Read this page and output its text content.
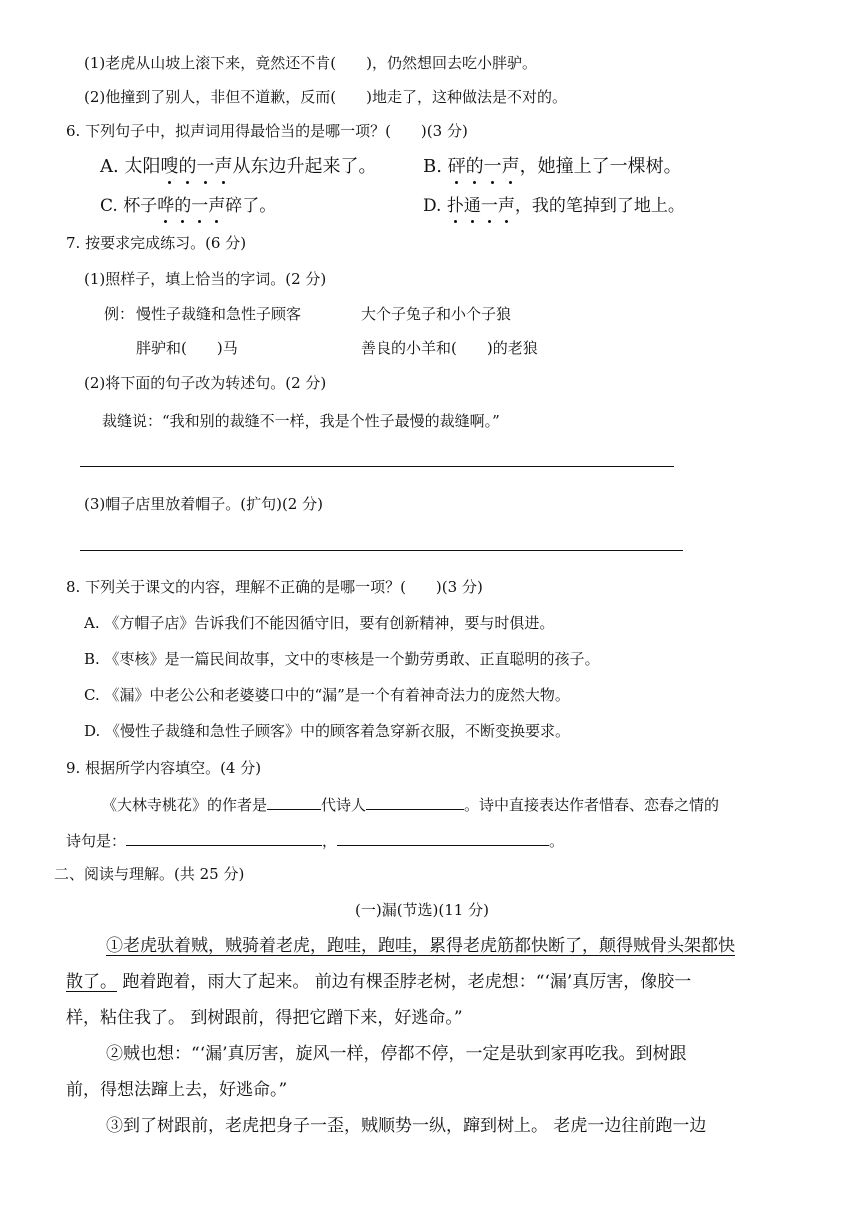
(1)老虎从山坡上滚下来，竟然还不肯(　　)，仍然想回去吃小胖驴。
(2)他撞到了别人，非但不道歉，反而(　　)地走了，这种做法是不对的。
6. 下列句子中，拟声词用得最恰当的是哪一项？(　　)(3 分)
A. 太阳嗖的一声从东边升起来了。	B. 砰的一声，她撞上了一棵树。
C. 杯子哗的一声碎了。	D. 扑通一声，我的笔掉到了地上。
7. 按要求完成练习。(6 分)
(1)照样子，填上恰当的字词。(2 分)
例： 慢性子裁缝和急性子顾客	大个子兔子和小个子狼
胖驴和(　　)马	善良的小羊和(　　)的老狼
(2)将下面的句子改为转述句。(2 分)
裁缝说：“我和别的裁缝不一样，我是个性子最慢的裁缝啊。”
(3)帽子店里放着帽子。(扩句)(2 分)
8. 下列关于课文的内容，理解不正确的是哪一项？(　　)(3 分)
A. 《方帽子店》告诉我们不能因循守旧，要有创新精神，要与时俱进。
B. 《枣核》是一篇民间故事，文中的枣核是一个勤劳勇敢、正直聪明的孩子。
C. 《漏》中老公公和老婆婆口中的“漏”是一个有着神奇法力的庞然大物。
D. 《慢性子裁缝和急性子顾客》中的顾客着急穿新衣服，不断变换要求。
9. 根据所学内容填空。(4 分)
《大林寺桃花》的作者是	代诗人	。诗中直接表达作者惜春、恋春之情的
诗句是：	，	。
二、阅读与理解。(共 25 分)
(一)漏(节选)(11 分)
①老虎驮着贼，贼骑着老虎，跑哇，跑哇，累得老虎筋都快断了，颠得贼骨头架都快
散了。 跑着跑着，雨大了起来。 前边有棵歪脖老树，老虎想：“‘漏’真厉害，像胶一
样，粘住我了。 到树跟前，得把它蹭下来，好逃命。”
②贼也想：“‘漏’真厉害，旋风一样，停都不停，一定是驮到家再吃我。到树跟
前，得想法蹿上去，好逃命。”
③到了树跟前，老虎把身子一歪，贼顺势一纵，蹿到树上。 老虎一边往前跑一边
